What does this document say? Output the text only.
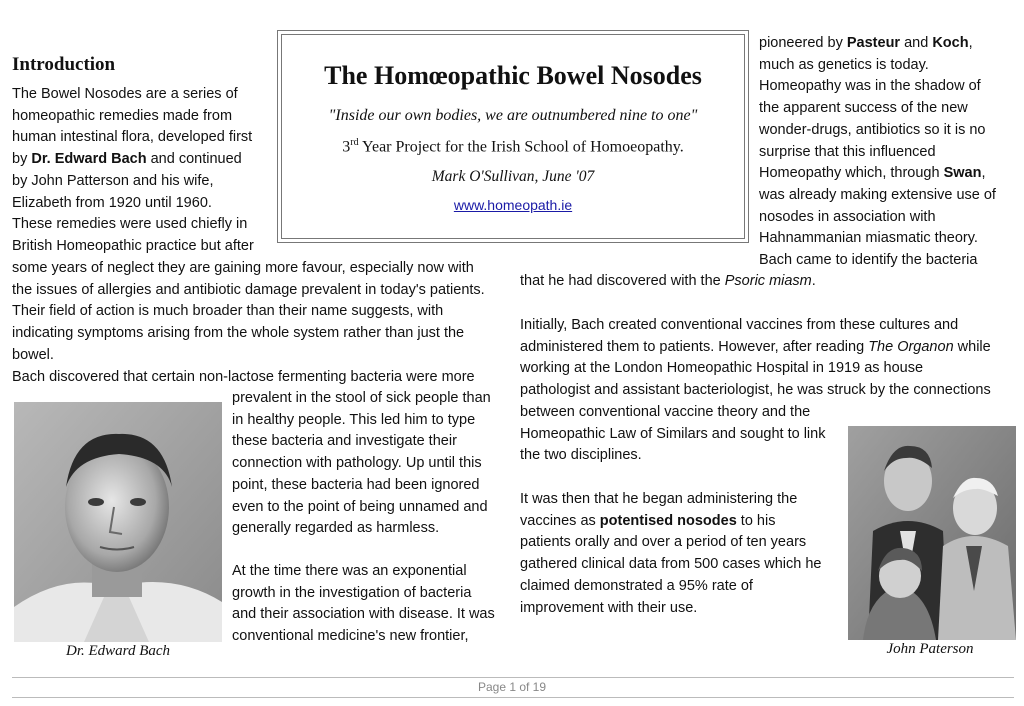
Introduction
The Bowel Nosodes are a series of
homeopathic remedies made from
human intestinal flora, developed first
by Dr. Edward Bach and continued
by John Patterson and his wife,
Elizabeth from 1920 until 1960.
These remedies were used chiefly in
British Homeopathic practice but after
some years of neglect they are gaining more favour, especially now with
the issues of allergies and antibiotic damage prevalent in today's patients.
Their field of action is much broader than their name suggests, with
indicating symptoms arising from the whole system rather than just the
bowel.
Bach discovered that certain non-lactose fermenting bacteria were more
prevalent in the stool of sick people than
in healthy people. This led him to type
these bacteria and investigate their
connection with pathology. Up until this
point, these bacteria had been ignored
even to the point of being unnamed and
generally regarded as harmless.
At the time there was an exponential
growth in the investigation of bacteria
and their association with disease. It was
conventional medicine's new frontier,
Dr. Edward Bach
The Homœopathic Bowel Nosodes
"Inside our own bodies, we are outnumbered nine to one"
3rd Year Project for the Irish School of Homoeopathy.
Mark O'Sullivan, June '07
www.homeopath.ie
pioneered by Pasteur and Koch,
much as genetics is today.
Homeopathy was in the shadow of
the apparent success of the new
wonder-drugs, antibiotics so it is no
surprise that this influenced
Homeopathy which, through Swan,
was already making extensive use of
nosodes in association with
Hahnammanian miasmatic theory.
Bach came to identify the bacteria
that he had discovered with the Psoric miasm.
Initially, Bach created conventional vaccines from these cultures and
administered them to patients. However, after reading The Organon while
working at the London Homeopathic Hospital in 1919 as house
pathologist and assistant bacteriologist, he was struck by the connections
between conventional vaccine theory and the
Homeopathic Law of Similars and sought to link
the two disciplines.
It was then that he began administering the
vaccines as potentised nosodes to his
patients orally and over a period of ten years
gathered clinical data from 500 cases which he
claimed demonstrated a 95% rate of
improvement with their use.
John Paterson
Page 1 of 19
